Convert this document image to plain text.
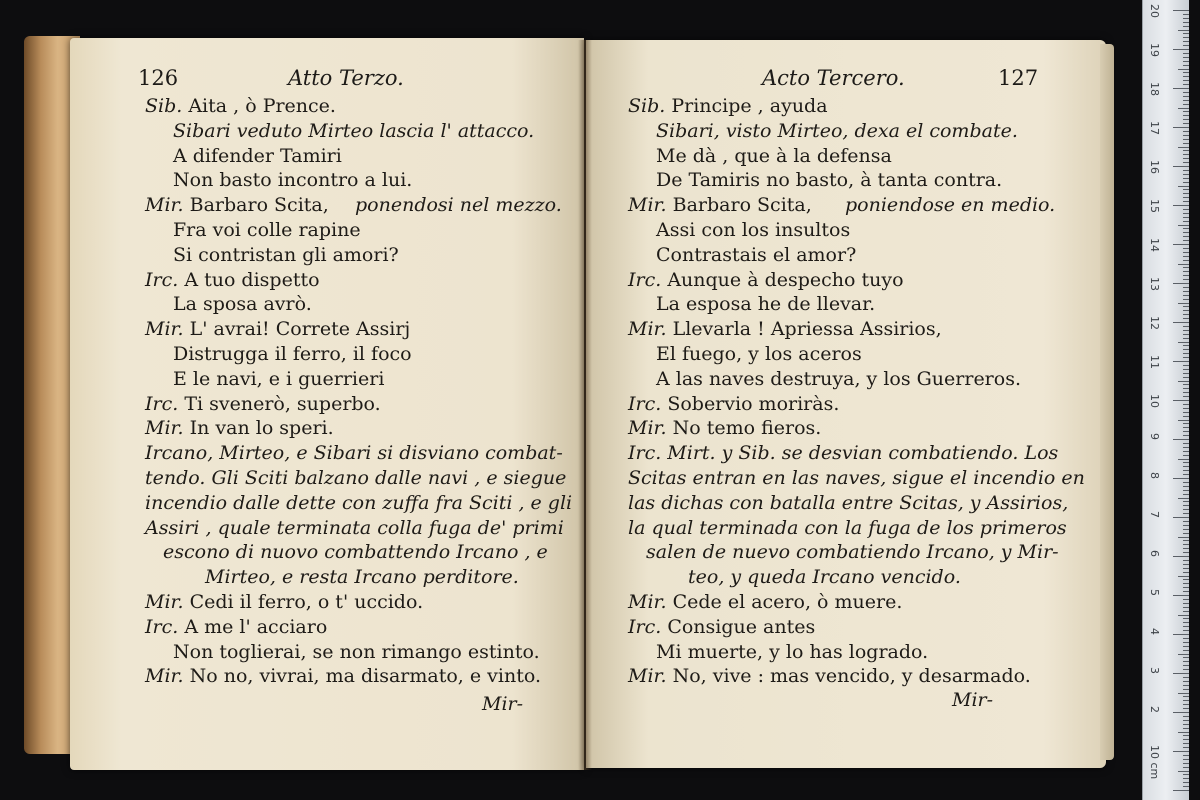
126	Atto Terzo.	Acto Tercero.	127
Sib. Aita , ò Prence.
Sibari veduto Mirteo lascia l' attacco.
A difender Tamiri
Non basto incontro a lui.
Mir. Barbaro Scita, ponendosi nel mezzo.
Fra voi colle rapine
Si contristan gli amori?
Irc. A tuo dispetto
La sposa avrò.
Mir. L' avrai! Correte Assirj
Distrugga il ferro, il foco
E le navi, e i guerrieri
Irc. Ti svenerò, superbo.
Mir. In van lo speri.
Ircano, Mirteo, e Sibari si disviano combat-
tendo. Gli Sciti balzano dalle navi , e siegue
incendio dalle dette con zuffa fra Sciti , e gli
Assiri , quale terminata colla fuga de' primi
escono di nuovo combattendo Ircano , e
Mirteo, e resta Ircano perditore.
Mir. Cedi il ferro, o t' uccido.
Irc. A me l' acciaro
Non toglierai, se non rimango estinto.
Mir. No no, vivrai, ma disarmato, e vinto.
Sib. Principe , ayuda
Sibari, visto Mirteo, dexa el combate.
Me dà , que à la defensa
De Tamiris no basto, à tanta contra.
Mir. Barbaro Scita, poniendose en medio.
Assi con los insultos
Contrastais el amor?
Irc. Aunque à despecho tuyo
La esposa he de llevar.
Mir. Llevarla ! Apriessa Assirios,
El fuego, y los aceros
A las naves destruya, y los Guerreros.
Irc. Sobervio moriràs.
Mir. No temo fieros.
Irc. Mirt. y Sib. se desvian combatiendo. Los
Scitas entran en las naves, sigue el incendio en
las dichas con batalla entre Scitas, y Assirios,
la qual terminada con la fuga de los primeros
salen de nuevo combatiendo Ircano, y Mir-
teo, y queda Ircano vencido.
Mir. Cede el acero, ò muere.
Irc. Consigue antes
Mi muerte, y lo has logrado.
Mir. No, vive : mas vencido, y desarmado.
Mir-	Mir-
20
19
18
17
16
15
14
13
12
11
10
9
8
7
6
5
4
3
2
1
0 cm
